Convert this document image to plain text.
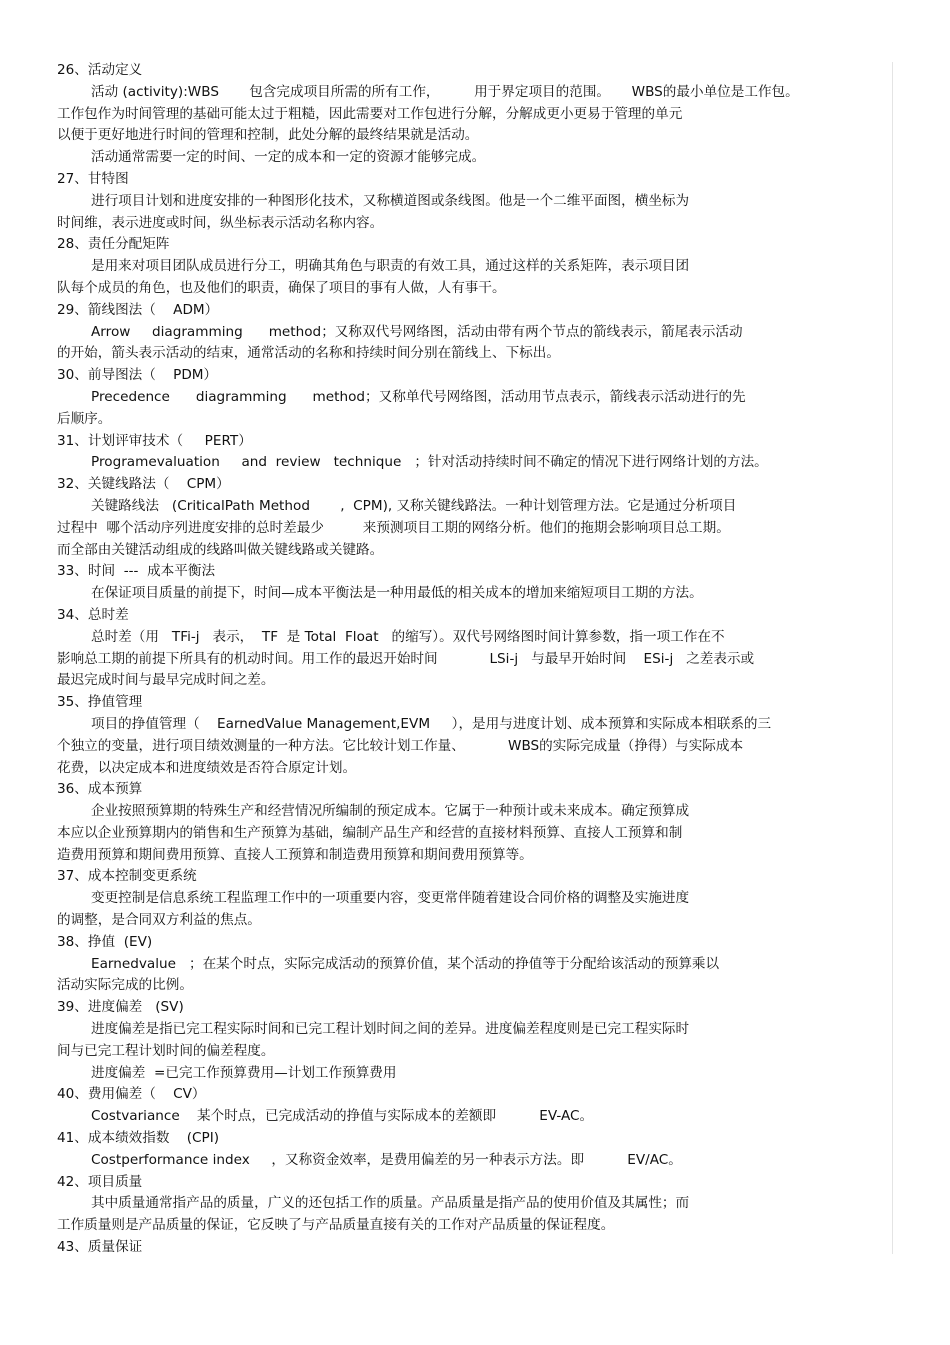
26、活动定义
活动 (activity):WBS       包含完成项目所需的所有工作，        用于界定项目的范围。     WBS的最小单位是工作包。
工作包作为时间管理的基础可能太过于粗糙，因此需要对工作包进行分解，分解成更小更易于管理的单元
以便于更好地进行时间的管理和控制，此处分解的最终结果就是活动。
活动通常需要一定的时间、一定的成本和一定的资源才能够完成。
27、甘特图
进行项目计划和进度安排的一种图形化技术，又称横道图或条线图。他是一个二维平面图，横坐标为
时间维，表示进度或时间，纵坐标表示活动名称内容。
28、责任分配矩阵
是用来对项目团队成员进行分工，明确其角色与职责的有效工具，通过这样的关系矩阵，表示项目团
队每个成员的角色，也及他们的职责，确保了项目的事有人做，人有事干。
29、箭线图法（    ADM）
Arrow     diagramming      method；又称双代号网络图，活动由带有两个节点的箭线表示，箭尾表示活动
的开始，箭头表示活动的结束，通常活动的名称和持续时间分别在箭线上、下标出。
30、前导图法（    PDM）
Precedence      diagramming      method；又称单代号网络图，活动用节点表示，箭线表示活动进行的先
后顺序。
31、计划评审技术（     PERT）
Programevaluation     and  review   technique   ；针对活动持续时间不确定的情况下进行网络计划的方法。
32、关键线路法（    CPM）
关键路线法   (CriticalPath Method       ,  CPM), 又称关键线路法。一种计划管理方法。它是通过分析项目
过程中  哪个活动序列进度安排的总时差最少         来预测项目工期的网络分析。他们的拖期会影响项目总工期。
而全部由关键活动组成的线路叫做关键线路或关键路。
33、时间  ---  成本平衡法
在保证项目质量的前提下，时间—成本平衡法是一种用最低的相关成本的增加来缩短项目工期的方法。
34、总时差
总时差（用   TFi-j   表示，  TF  是 Total  Float   的缩写）。双代号网络图时间计算参数，指一项工作在不
影响总工期的前提下所具有的机动时间。用工作的最迟开始时间            LSi-j   与最早开始时间    ESi-j   之差表示或
最迟完成时间与最早完成时间之差。
35、挣值管理
项目的挣值管理（    EarnedValue Management,EVM     ），是用与进度计划、成本预算和实际成本相联系的三
个独立的变量，进行项目绩效测量的一种方法。它比较计划工作量、          WBS的实际完成量（挣得）与实际成本
花费，以决定成本和进度绩效是否符合原定计划。
36、成本预算
企业按照预算期的特殊生产和经营情况所编制的预定成本。它属于一种预计或未来成本。确定预算成
本应以企业预算期内的销售和生产预算为基础，编制产品生产和经营的直接材料预算、直接人工预算和制
造费用预算和期间费用预算、直接人工预算和制造费用预算和期间费用预算等。
37、成本控制变更系统
变更控制是信息系统工程监理工作中的一项重要内容，变更常伴随着建设合同价格的调整及实施进度
的调整，是合同双方利益的焦点。
38、挣值  (EV)
Earnedvalue   ；在某个时点，实际完成活动的预算价值，某个活动的挣值等于分配给该活动的预算乘以
活动实际完成的比例。
39、进度偏差   (SV)
进度偏差是指已完工程实际时间和已完工程计划时间之间的差异。进度偏差程度则是已完工程实际时
间与已完工程计划时间的偏差程度。
进度偏差  =已完工作预算费用—计划工作预算费用
40、费用偏差（    CV）
Costvariance    某个时点，已完成活动的挣值与实际成本的差额即          EV-AC。
41、成本绩效指数    (CPI)
Costperformance index     ，又称资金效率，是费用偏差的另一种表示方法。即          EV/AC。
42、项目质量
其中质量通常指产品的质量，广义的还包括工作的质量。产品质量是指产品的使用价值及其属性；而
工作质量则是产品质量的保证，它反映了与产品质量直接有关的工作对产品质量的保证程度。
43、质量保证
